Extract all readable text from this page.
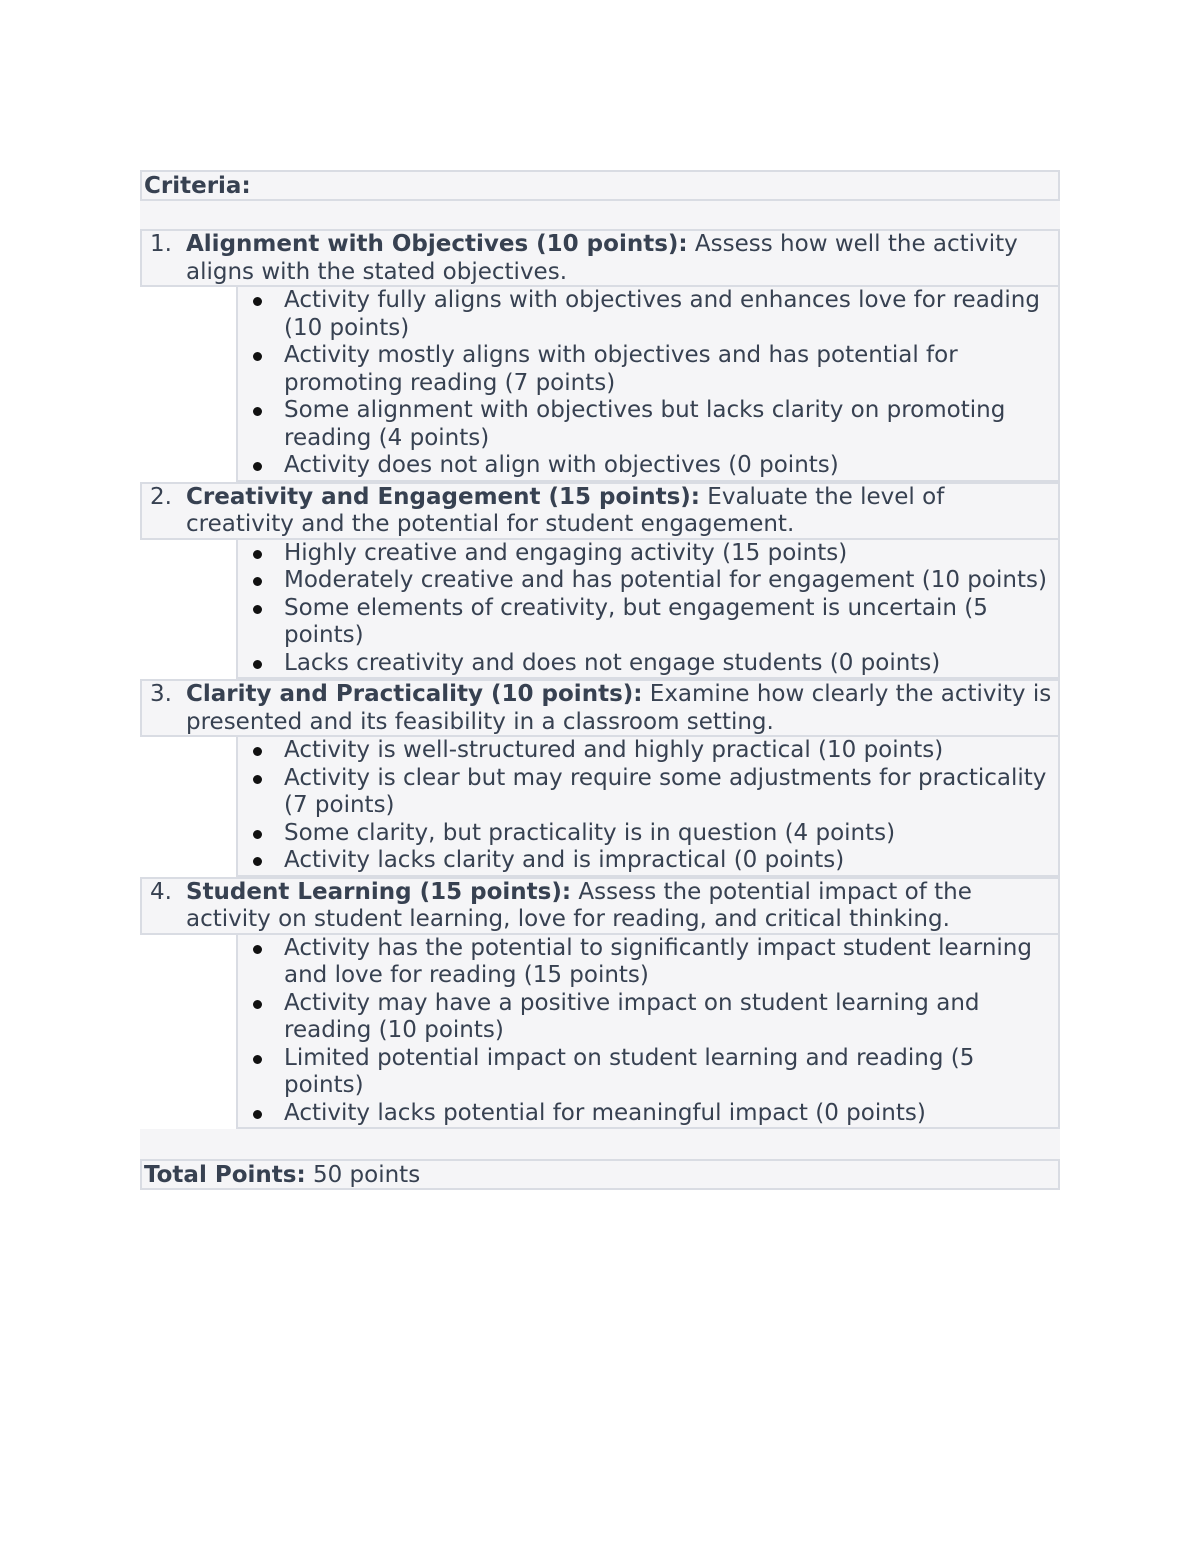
Criteria:
1. Alignment with Objectives (10 points): Assess how well the activity aligns with the stated objectives.
Activity fully aligns with objectives and enhances love for reading (10 points)
Activity mostly aligns with objectives and has potential for promoting reading (7 points)
Some alignment with objectives but lacks clarity on promoting reading (4 points)
Activity does not align with objectives (0 points)
2. Creativity and Engagement (15 points): Evaluate the level of creativity and the potential for student engagement.
Highly creative and engaging activity (15 points)
Moderately creative and has potential for engagement (10 points)
Some elements of creativity, but engagement is uncertain (5 points)
Lacks creativity and does not engage students (0 points)
3. Clarity and Practicality (10 points): Examine how clearly the activity is presented and its feasibility in a classroom setting.
Activity is well-structured and highly practical (10 points)
Activity is clear but may require some adjustments for practicality (7 points)
Some clarity, but practicality is in question (4 points)
Activity lacks clarity and is impractical (0 points)
4. Student Learning (15 points): Assess the potential impact of the activity on student learning, love for reading, and critical thinking.
Activity has the potential to significantly impact student learning and love for reading (15 points)
Activity may have a positive impact on student learning and reading (10 points)
Limited potential impact on student learning and reading (5 points)
Activity lacks potential for meaningful impact (0 points)
Total Points: 50 points
